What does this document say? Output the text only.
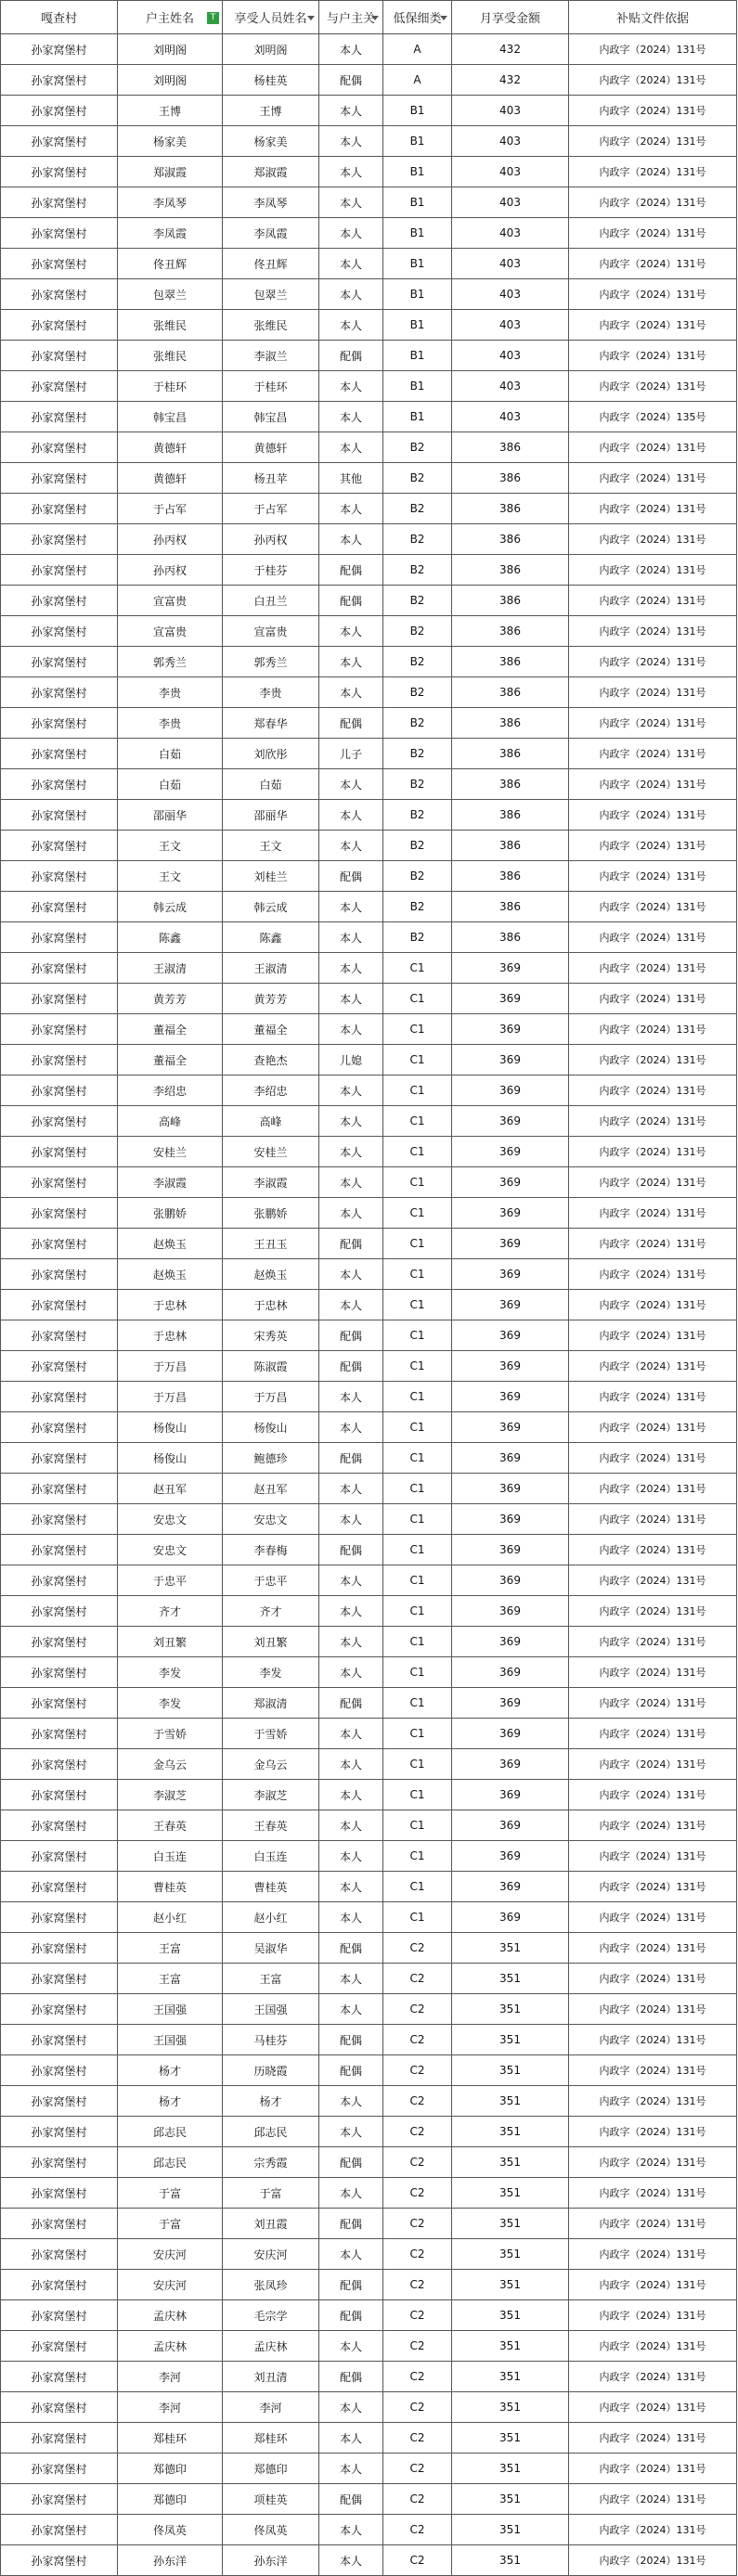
嘎查村	户主姓名 T	享受人员姓名	与户主关	低保细类	月享受金额	补贴文件依据
孙家窝堡村	刘明阁	刘明阁	本人	A	432	内政字（2024）131号
孙家窝堡村	刘明阁	杨桂英	配偶	A	432	内政字（2024）131号
孙家窝堡村	王博	王博	本人	B1	403	内政字（2024）131号
孙家窝堡村	杨家美	杨家美	本人	B1	403	内政字（2024）131号
孙家窝堡村	郑淑霞	郑淑霞	本人	B1	403	内政字（2024）131号
孙家窝堡村	李凤琴	李凤琴	本人	B1	403	内政字（2024）131号
孙家窝堡村	李凤霞	李凤霞	本人	B1	403	内政字（2024）131号
孙家窝堡村	佟丑辉	佟丑辉	本人	B1	403	内政字（2024）131号
孙家窝堡村	包翠兰	包翠兰	本人	B1	403	内政字（2024）131号
孙家窝堡村	张维民	张维民	本人	B1	403	内政字（2024）131号
孙家窝堡村	张维民	李淑兰	配偶	B1	403	内政字（2024）131号
孙家窝堡村	于桂环	于桂环	本人	B1	403	内政字（2024）131号
孙家窝堡村	韩宝昌	韩宝昌	本人	B1	403	内政字（2024）135号
孙家窝堡村	黄德轩	黄德轩	本人	B2	386	内政字（2024）131号
孙家窝堡村	黄德轩	杨丑苹	其他	B2	386	内政字（2024）131号
孙家窝堡村	于占军	于占军	本人	B2	386	内政字（2024）131号
孙家窝堡村	孙丙权	孙丙权	本人	B2	386	内政字（2024）131号
孙家窝堡村	孙丙权	于桂芬	配偶	B2	386	内政字（2024）131号
孙家窝堡村	宣富贵	白丑兰	配偶	B2	386	内政字（2024）131号
孙家窝堡村	宣富贵	宣富贵	本人	B2	386	内政字（2024）131号
孙家窝堡村	郭秀兰	郭秀兰	本人	B2	386	内政字（2024）131号
孙家窝堡村	李贵	李贵	本人	B2	386	内政字（2024）131号
孙家窝堡村	李贵	郑春华	配偶	B2	386	内政字（2024）131号
孙家窝堡村	白茹	刘欣彤	儿子	B2	386	内政字（2024）131号
孙家窝堡村	白茹	白茹	本人	B2	386	内政字（2024）131号
孙家窝堡村	邵丽华	邵丽华	本人	B2	386	内政字（2024）131号
孙家窝堡村	王文	王文	本人	B2	386	内政字（2024）131号
孙家窝堡村	王文	刘桂兰	配偶	B2	386	内政字（2024）131号
孙家窝堡村	韩云成	韩云成	本人	B2	386	内政字（2024）131号
孙家窝堡村	陈鑫	陈鑫	本人	B2	386	内政字（2024）131号
孙家窝堡村	王淑清	王淑清	本人	C1	369	内政字（2024）131号
孙家窝堡村	黄芳芳	黄芳芳	本人	C1	369	内政字（2024）131号
孙家窝堡村	董福全	董福全	本人	C1	369	内政字（2024）131号
孙家窝堡村	董福全	查艳杰	儿媳	C1	369	内政字（2024）131号
孙家窝堡村	李绍忠	李绍忠	本人	C1	369	内政字（2024）131号
孙家窝堡村	高峰	高峰	本人	C1	369	内政字（2024）131号
孙家窝堡村	安桂兰	安桂兰	本人	C1	369	内政字（2024）131号
孙家窝堡村	李淑霞	李淑霞	本人	C1	369	内政字（2024）131号
孙家窝堡村	张鹏娇	张鹏娇	本人	C1	369	内政字（2024）131号
孙家窝堡村	赵焕玉	王丑玉	配偶	C1	369	内政字（2024）131号
孙家窝堡村	赵焕玉	赵焕玉	本人	C1	369	内政字（2024）131号
孙家窝堡村	于忠林	于忠林	本人	C1	369	内政字（2024）131号
孙家窝堡村	于忠林	宋秀英	配偶	C1	369	内政字（2024）131号
孙家窝堡村	于万昌	陈淑霞	配偶	C1	369	内政字（2024）131号
孙家窝堡村	于万昌	于万昌	本人	C1	369	内政字（2024）131号
孙家窝堡村	杨俊山	杨俊山	本人	C1	369	内政字（2024）131号
孙家窝堡村	杨俊山	鲍德珍	配偶	C1	369	内政字（2024）131号
孙家窝堡村	赵丑军	赵丑军	本人	C1	369	内政字（2024）131号
孙家窝堡村	安忠文	安忠文	本人	C1	369	内政字（2024）131号
孙家窝堡村	安忠文	李春梅	配偶	C1	369	内政字（2024）131号
孙家窝堡村	于忠平	于忠平	本人	C1	369	内政字（2024）131号
孙家窝堡村	齐才	齐才	本人	C1	369	内政字（2024）131号
孙家窝堡村	刘丑繁	刘丑繁	本人	C1	369	内政字（2024）131号
孙家窝堡村	李发	李发	本人	C1	369	内政字（2024）131号
孙家窝堡村	李发	郑淑清	配偶	C1	369	内政字（2024）131号
孙家窝堡村	于雪娇	于雪娇	本人	C1	369	内政字（2024）131号
孙家窝堡村	金乌云	金乌云	本人	C1	369	内政字（2024）131号
孙家窝堡村	李淑芝	李淑芝	本人	C1	369	内政字（2024）131号
孙家窝堡村	王春英	王春英	本人	C1	369	内政字（2024）131号
孙家窝堡村	白玉连	白玉连	本人	C1	369	内政字（2024）131号
孙家窝堡村	曹桂英	曹桂英	本人	C1	369	内政字（2024）131号
孙家窝堡村	赵小红	赵小红	本人	C1	369	内政字（2024）131号
孙家窝堡村	王富	吴淑华	配偶	C2	351	内政字（2024）131号
孙家窝堡村	王富	王富	本人	C2	351	内政字（2024）131号
孙家窝堡村	王国强	王国强	本人	C2	351	内政字（2024）131号
孙家窝堡村	王国强	马桂芬	配偶	C2	351	内政字（2024）131号
孙家窝堡村	杨才	历晓霞	配偶	C2	351	内政字（2024）131号
孙家窝堡村	杨才	杨才	本人	C2	351	内政字（2024）131号
孙家窝堡村	邱志民	邱志民	本人	C2	351	内政字（2024）131号
孙家窝堡村	邱志民	宗秀霞	配偶	C2	351	内政字（2024）131号
孙家窝堡村	于富	于富	本人	C2	351	内政字（2024）131号
孙家窝堡村	于富	刘丑霞	配偶	C2	351	内政字（2024）131号
孙家窝堡村	安庆河	安庆河	本人	C2	351	内政字（2024）131号
孙家窝堡村	安庆河	张凤珍	配偶	C2	351	内政字（2024）131号
孙家窝堡村	孟庆林	毛宗学	配偶	C2	351	内政字（2024）131号
孙家窝堡村	孟庆林	孟庆林	本人	C2	351	内政字（2024）131号
孙家窝堡村	李河	刘丑清	配偶	C2	351	内政字（2024）131号
孙家窝堡村	李河	李河	本人	C2	351	内政字（2024）131号
孙家窝堡村	郑桂环	郑桂环	本人	C2	351	内政字（2024）131号
孙家窝堡村	郑德印	郑德印	本人	C2	351	内政字（2024）131号
孙家窝堡村	郑德印	项桂英	配偶	C2	351	内政字（2024）131号
孙家窝堡村	佟凤英	佟凤英	本人	C2	351	内政字（2024）131号
孙家窝堡村	孙东洋	孙东洋	本人	C2	351	内政字（2024）131号
